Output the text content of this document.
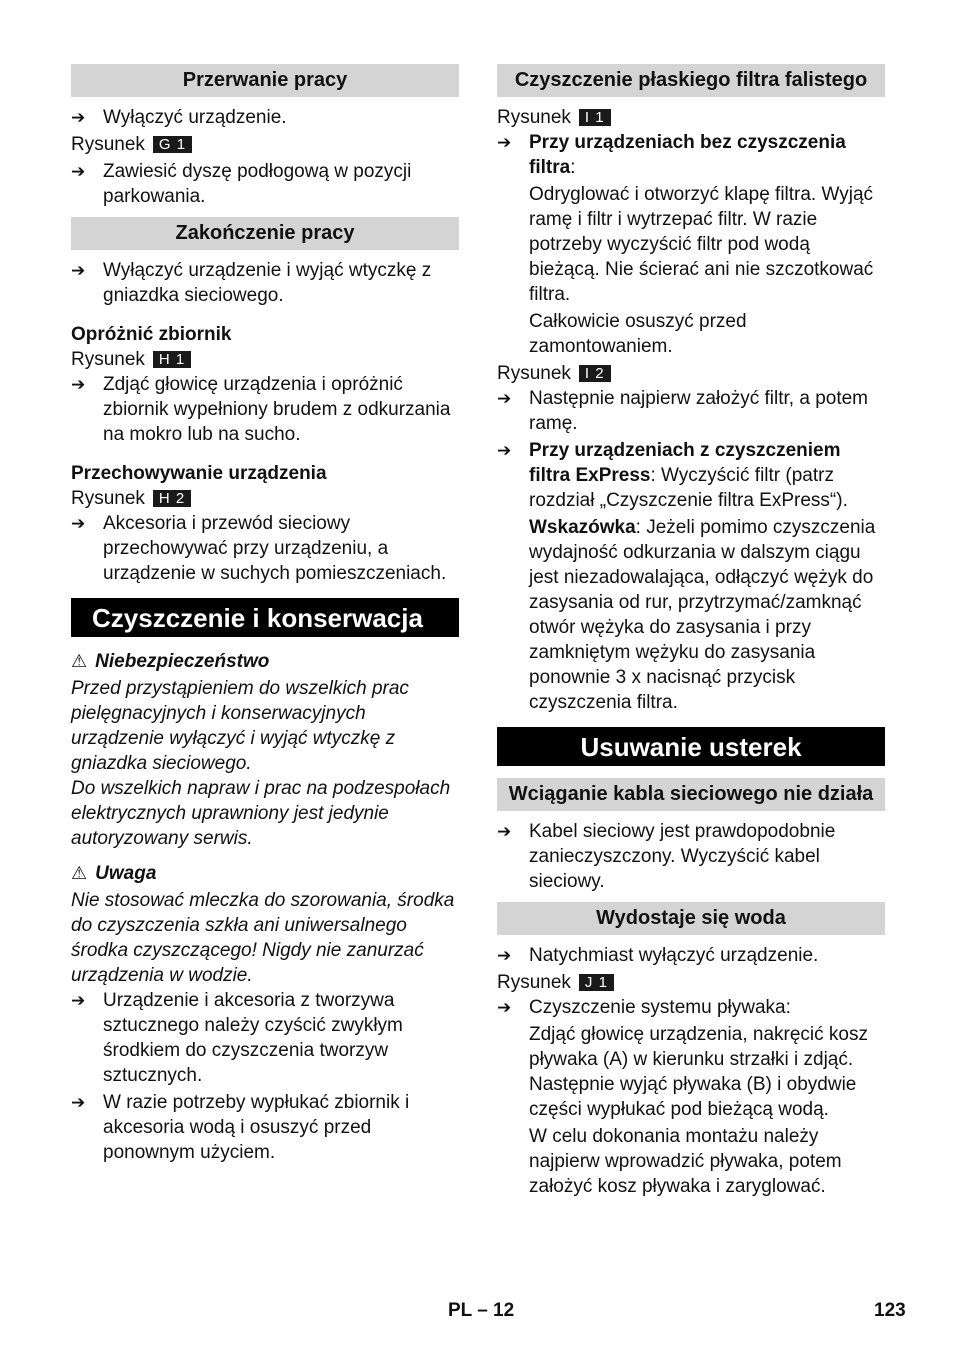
Przerwanie pracy
➔ Wyłączyć urządzenie.
Rysunek G 1
➔ Zawiesić dyszę podłogową w pozycji parkowania.
Zakończenie pracy
➔ Wyłączyć urządzenie i wyjąć wtyczkę z gniazdka sieciowego.
Opróżnić zbiornik
Rysunek H 1
➔ Zdjąć głowicę urządzenia i opróżnić zbiornik wypełniony brudem z odkurzania na mokro lub na sucho.
Przechowywanie urządzenia
Rysunek H 2
➔ Akcesoria i przewód sieciowy przechowywać przy urządzeniu, a urządzenie w suchych pomieszczeniach.
Czyszczenie i konserwacja
⚠ Niebezpieczeństwo
Przed przystąpieniem do wszelkich prac pielęgnacyjnych i konserwacyjnych urządzenie wyłączyć i wyjąć wtyczkę z gniazdka sieciowego.
Do wszelkich napraw i prac na podzespołach elektrycznych uprawniony jest jedynie autoryzowany serwis.
⚠ Uwaga
Nie stosować mleczka do szorowania, środka do czyszczenia szkła ani uniwersalnego środka czyszczącego! Nigdy nie zanurzać urządzenia w wodzie.
➔ Urządzenie i akcesoria z tworzywa sztucznego należy czyścić zwykłym środkiem do czyszczenia tworzyw sztucznych.
➔ W razie potrzeby wypłukać zbiornik i akcesoria wodą i osuszyć przed ponownym użyciem.
Czyszczenie płaskiego filtra falistego
Rysunek I 1
➔ Przy urządzeniach bez czyszczenia filtra:
Odryglować i otworzyć klapę filtra. Wyjąć ramę i filtr i wytrzepać filtr. W razie potrzeby wyczyścić filtr pod wodą bieżącą. Nie ścierać ani nie szczotkować filtra.
Całkowicie osuszyć przed zamontowaniem.
Rysunek I 2
➔ Następnie najpierw założyć filtr, a potem ramę.
➔ Przy urządzeniach z czyszczeniem filtra ExPress: Wyczyścić filtr (patrz rozdział „Czyszczenie filtra ExPress“).
Wskazówka: Jeżeli pomimo czyszczenia wydajność odkurzania w dalszym ciągu jest niezadowalająca, odłączyć wężyk do zasysania od rur, przytrzymać/zamknąć otwór wężyka do zasysania i przy zamkniętym wężyku do zasysania ponownie 3 x nacisnąć przycisk czyszczenia filtra.
Usuwanie usterek
Wciąganie kabla sieciowego nie działa
➔ Kabel sieciowy jest prawdopodobnie zanieczyszczony. Wyczyścić kabel sieciowy.
Wydostaje się woda
➔ Natychmiast wyłączyć urządzenie.
Rysunek J 1
➔ Czyszczenie systemu pływaka:
Zdjąć głowicę urządzenia, nakręcić kosz pływaka (A) w kierunku strzałki i zdjąć. Następnie wyjąć pływaka (B) i obydwie części wypłukać pod bieżącą wodą.
W celu dokonania montażu należy najpierw wprowadzić pływaka, potem założyć kosz pływaka i zaryglować.
PL – 12	123
